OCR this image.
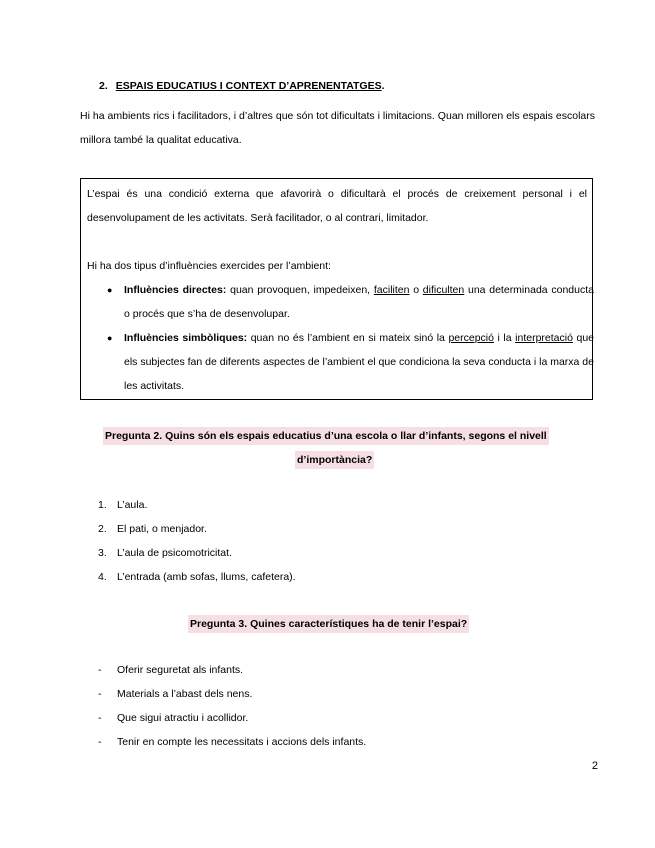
2. ESPAIS EDUCATIUS I CONTEXT D’APRENENTATGES.
Hi ha ambients rics i facilitadors, i d’altres que són tot dificultats i limitacions. Quan milloren els espais escolars millora també la qualitat educativa.
L’espai és una condició externa que afavorirà o dificultarà el procés de creixement personal i el desenvolupament de les activitats. Serà facilitador, o al contrari, limitador.
Hi ha dos tipus d’influències exercides per l’ambient:
● Influències directes: quan provoquen, impedeixen, faciliten o dificulten una determinada conducta o procés que s’ha de desenvolupar.
● Influències simbòliques: quan no és l’ambient en si mateix sinó la percepció i la interpretació que els subjectes fan de diferents aspectes de l’ambient el que condiciona la seva conducta i la marxa de les activitats.
Pregunta 2. Quins són els espais educatius d’una escola o llar d’infants, segons el nivell
d’importància?
1. L’aula.
2. El pati, o menjador.
3. L’aula de psicomotricitat.
4. L’entrada (amb sofas, llums, cafetera).
Pregunta 3. Quines característiques ha de tenir l’espai?
- Oferir seguretat als infants.
- Materials a l’abast dels nens.
- Que sigui atractiu i acollidor.
- Tenir en compte les necessitats i accions dels infants.
2
